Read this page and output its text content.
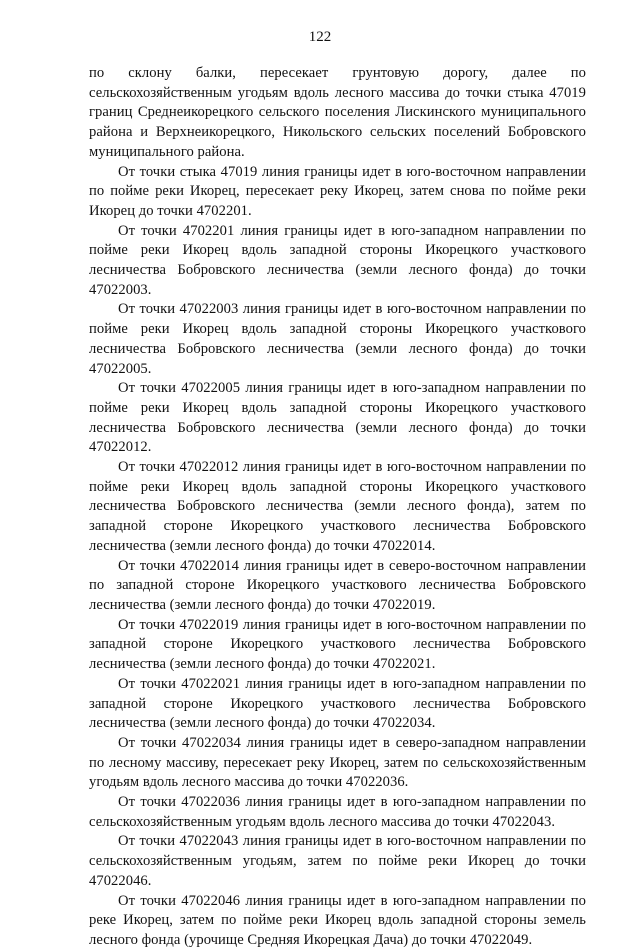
122

по склону балки, пересекает грунтовую дорогу, далее по сельскохозяйственным угодьям вдоль лесного массива до точки стыка 47019 границ Среднеикорецкого сельского поселения Лискинского муниципального района и Верхнеикорецкого, Никольского сельских поселений Бобровского муниципального района.

От точки стыка 47019 линия границы идет в юго-восточном направлении по пойме реки Икорец, пересекает реку Икорец, затем снова по пойме реки Икорец до точки 4702201.

От точки 4702201 линия границы идет в юго-западном направлении по пойме реки Икорец вдоль западной стороны Икорецкого участкового лесничества Бобровского лесничества (земли лесного фонда) до точки 47022003.

От точки 47022003 линия границы идет в юго-восточном направлении по пойме реки Икорец вдоль западной стороны Икорецкого участкового лесничества Бобровского лесничества (земли лесного фонда) до точки 47022005.

От точки 47022005 линия границы идет в юго-западном направлении по пойме реки Икорец вдоль западной стороны Икорецкого участкового лесничества Бобровского лесничества (земли лесного фонда) до точки 47022012.

От точки 47022012 линия границы идет в юго-восточном направлении по пойме реки Икорец вдоль западной стороны Икорецкого участкового лесничества Бобровского лесничества (земли лесного фонда), затем по западной стороне Икорецкого участкового лесничества Бобровского лесничества (земли лесного фонда) до точки 47022014.

От точки 47022014 линия границы идет в северо-восточном направлении по западной стороне Икорецкого участкового лесничества Бобровского лесничества (земли лесного фонда) до точки 47022019.

От точки 47022019 линия границы идет в юго-восточном направлении по западной стороне Икорецкого участкового лесничества Бобровского лесничества (земли лесного фонда) до точки 47022021.

От точки 47022021 линия границы идет в юго-западном направлении по западной стороне Икорецкого участкового лесничества Бобровского лесничества (земли лесного фонда) до точки 47022034.

От точки 47022034 линия границы идет в северо-западном направлении по лесному массиву, пересекает реку Икорец, затем по сельскохозяйственным угодьям вдоль лесного массива до точки 47022036.

От точки 47022036 линия границы идет в юго-западном направлении по сельскохозяйственным угодьям вдоль лесного массива до точки 47022043.

От точки 47022043 линия границы идет в юго-восточном направлении по сельскохозяйственным угодьям, затем по пойме реки Икорец до точки 47022046.

От точки 47022046 линия границы идет в юго-западном направлении по реке Икорец, затем по пойме реки Икорец вдоль западной стороны земель лесного фонда (урочище Средняя Икорецкая Дача) до точки 47022049.
